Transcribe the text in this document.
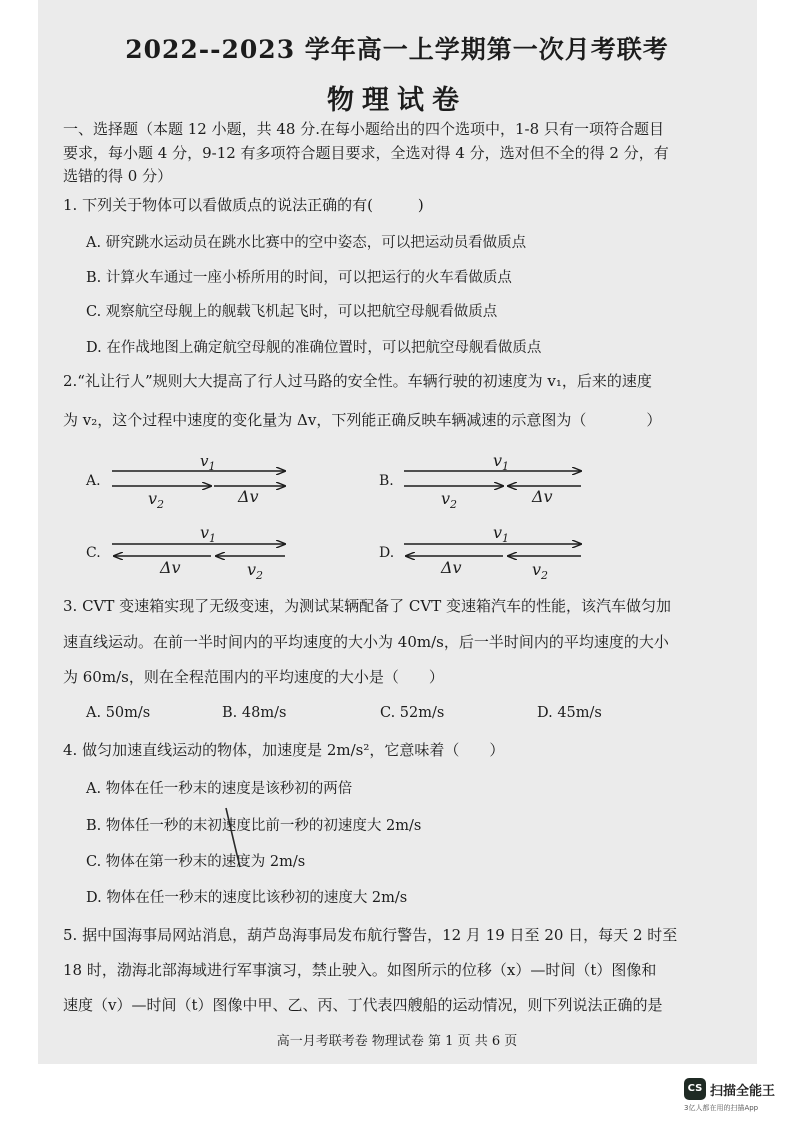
2022--2023 学年高一上学期第一次月考联考
物理试卷
一、选择题（本题 12 小题，共 48 分.在每小题给出的四个选项中，1-8 只有一项符合题目
要求，每小题 4 分，9-12 有多项符合题目要求，全选对得 4 分，选对但不全的得 2 分，有
选错的得 0 分）
1. 下列关于物体可以看做质点的说法正确的有(　　　)
A. 研究跳水运动员在跳水比赛中的空中姿态，可以把运动员看做质点
B. 计算火车通过一座小桥所用的时间，可以把运行的火车看做质点
C. 观察航空母舰上的舰载飞机起飞时，可以把航空母舰看做质点
D. 在作战地图上确定航空母舰的准确位置时，可以把航空母舰看做质点
2.“礼让行人”规则大大提高了行人过马路的安全性。车辆行驶的初速度为 v₁，后来的速度
为 v₂，这个过程中速度的变化量为 Δv，下列能正确反映车辆减速的示意图为（　　　　）
A.
$v_1$
$v_2$	Δv
B.
$v_1$
$v_2$	Δv
C.
$v_1$
Δv	$v_2$
D.
$v_1$
Δv	$v_2$
3. CVT 变速箱实现了无级变速，为测试某辆配备了 CVT 变速箱汽车的性能，该汽车做匀加
速直线运动。在前一半时间内的平均速度的大小为 40m/s，后一半时间内的平均速度的大小
为 60m/s，则在全程范围内的平均速度的大小是（　　）
A. 50m/s	B. 48m/s	C. 52m/s	D. 45m/s
4. 做匀加速直线运动的物体，加速度是 2m/s²，它意味着（　　）
A. 物体在任一秒末的速度是该秒初的两倍
B. 物体任一秒的末初速度比前一秒的初速度大 2m/s
C. 物体在第一秒末的速度为 2m/s
D. 物体在任一秒末的速度比该秒初的速度大 2m/s
5. 据中国海事局网站消息，葫芦岛海事局发布航行警告，12 月 19 日至 20 日，每天 2 时至
18 时，渤海北部海域进行军事演习，禁止驶入。如图所示的位移（x）—时间（t）图像和
速度（v）—时间（t）图像中甲、乙、丙、丁代表四艘船的运动情况，则下列说法正确的是
高一月考联考卷 物理试卷 第 1 页 共 6 页
CS 扫描全能王
3亿人都在用的扫描App
